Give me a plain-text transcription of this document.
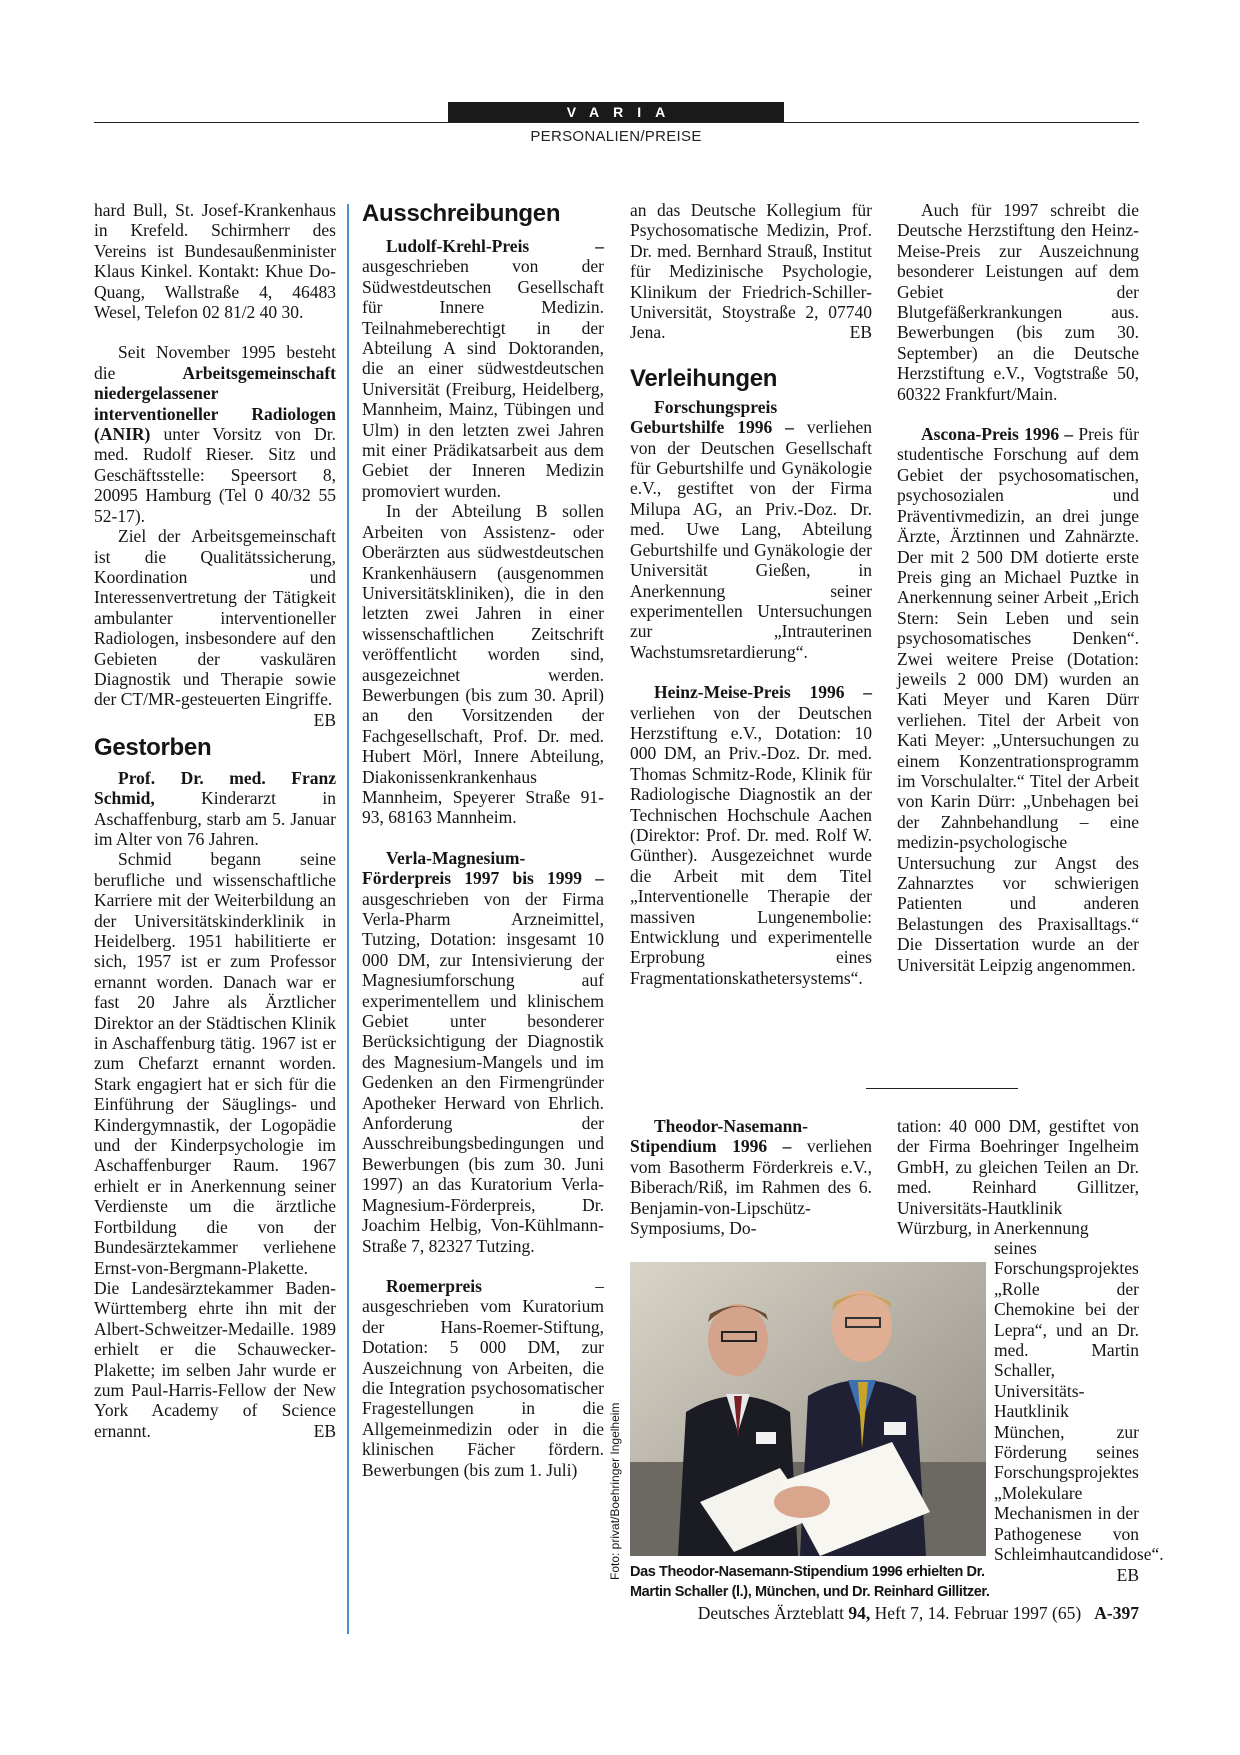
VARIA
PERSONALIEN/PREISE

hard Bull, St. Josef-Krankenhaus in Krefeld. Schirmherr des Vereins ist Bundesaußenminister Klaus Kinkel. Kontakt: Khue Do-Quang, Wallstraße 4, 46483 Wesel, Telefon 02 81/2 40 30.

Seit November 1995 besteht die Arbeitsgemeinschaft niedergelassener interventioneller Radiologen (ANIR) unter Vorsitz von Dr. med. Rudolf Rieser. Sitz und Geschäftsstelle: Speersort 8, 20095 Hamburg (Tel 0 40/32 55 52-17).

Ziel der Arbeitsgemeinschaft ist die Qualitätssicherung, Koordination und Interessenvertretung der Tätigkeit ambulanter interventioneller Radiologen, insbesondere auf den Gebieten der vaskulären Diagnostik und Therapie sowie der CT/MR-gesteuerten Eingriffe.
EB

Gestorben

Prof. Dr. med. Franz Schmid, Kinderarzt in Aschaffenburg, starb am 5. Januar im Alter von 76 Jahren.

Schmid begann seine berufliche und wissenschaftliche Karriere mit der Weiterbildung an der Universitätskinderklinik in Heidelberg. 1951 habilitierte er sich, 1957 ist er zum Professor ernannt worden. Danach war er fast 20 Jahre als Ärztlicher Direktor an der Städtischen Klinik in Aschaffenburg tätig. 1967 ist er zum Chefarzt ernannt worden. Stark engagiert hat er sich für die Einführung der Säuglings- und Kindergymnastik, der Logopädie und der Kinderpsychologie im Aschaffenburger Raum. 1967 erhielt er in Anerkennung seiner Verdienste um die ärztliche Fortbildung die von der Bundesärztekammer verliehene Ernst-von-Bergmann-Plakette. Die Landesärztekammer Baden-Württemberg ehrte ihn mit der Albert-Schweitzer-Medaille. 1989 erhielt er die Schauwecker-Plakette; im selben Jahr wurde er zum Paul-Harris-Fellow der New York Academy of Science ernannt.	EB

Ausschreibungen

Ludolf-Krehl-Preis – ausgeschrieben von der Südwestdeutschen Gesellschaft für Innere Medizin. Teilnahmeberechtigt in der Abteilung A sind Doktoranden, die an einer südwestdeutschen Universität (Freiburg, Heidelberg, Mannheim, Mainz, Tübingen und Ulm) in den letzten zwei Jahren mit einer Prädikatsarbeit aus dem Gebiet der Inneren Medizin promoviert wurden.

In der Abteilung B sollen Arbeiten von Assistenz- oder Oberärzten aus südwestdeutschen Krankenhäusern (ausgenommen Universitätskliniken), die in den letzten zwei Jahren in einer wissenschaftlichen Zeitschrift veröffentlicht worden sind, ausgezeichnet werden. Bewerbungen (bis zum 30. April) an den Vorsitzenden der Fachgesellschaft, Prof. Dr. med. Hubert Mörl, Innere Abteilung, Diakonissenkrankenhaus Mannheim, Speyerer Straße 91-93, 68163 Mannheim.

Verla-Magnesium-Förderpreis 1997 bis 1999 – ausgeschrieben von der Firma Verla-Pharm Arzneimittel, Tutzing, Dotation: insgesamt 10 000 DM, zur Intensivierung der Magnesiumforschung auf experimentellem und klinischem Gebiet unter besonderer Berücksichtigung der Diagnostik des Magnesium-Mangels und im Gedenken an den Firmengründer Apotheker Herward von Ehrlich. Anforderung der Ausschreibungsbedingungen und Bewerbungen (bis zum 30. Juni 1997) an das Kuratorium Verla-Magnesium-Förderpreis, Dr. Joachim Helbig, Von-Kühlmann-Straße 7, 82327 Tutzing.

Roemerpreis – ausgeschrieben vom Kuratorium der Hans-Roemer-Stiftung, Dotation: 5 000 DM, zur Auszeichnung von Arbeiten, die die Integration psychosomatischer Fragestellungen in die Allgemeinmedizin oder in die klinischen Fächer fördern. Bewerbungen (bis zum 1. Juli)

an das Deutsche Kollegium für Psychosomatische Medizin, Prof. Dr. med. Bernhard Strauß, Institut für Medizinische Psychologie, Klinikum der Friedrich-Schiller-Universität, Stoystraße 2, 07740 Jena.	EB

Verleihungen

Forschungspreis Geburtshilfe 1996 – verliehen von der Deutschen Gesellschaft für Geburtshilfe und Gynäkologie e.V., gestiftet von der Firma Milupa AG, an Priv.-Doz. Dr. med. Uwe Lang, Abteilung Geburtshilfe und Gynäkologie der Universität Gießen, in Anerkennung seiner experimentellen Untersuchungen zur „Intrauterinen Wachstumsretardierung“.

Heinz-Meise-Preis 1996 – verliehen von der Deutschen Herzstiftung e.V., Dotation: 10 000 DM, an Priv.-Doz. Dr. med. Thomas Schmitz-Rode, Klinik für Radiologische Diagnostik an der Technischen Hochschule Aachen (Direktor: Prof. Dr. med. Rolf W. Günther). Ausgezeichnet wurde die Arbeit mit dem Titel „Interventionelle Therapie der massiven Lungenembolie: Entwicklung und experimentelle Erprobung eines Fragmentationskathetersystems“.

Auch für 1997 schreibt die Deutsche Herzstiftung den Heinz-Meise-Preis zur Auszeichnung besonderer Leistungen auf dem Gebiet der Blutgefäßerkrankungen aus. Bewerbungen (bis zum 30. September) an die Deutsche Herzstiftung e.V., Vogtstraße 50, 60322 Frankfurt/Main.

Ascona-Preis 1996 – Preis für studentische Forschung auf dem Gebiet der psychosomatischen, psychosozialen und Präventivmedizin, an drei junge Ärzte, Ärztinnen und Zahnärzte. Der mit 2 500 DM dotierte erste Preis ging an Michael Puztke in Anerkennung seiner Arbeit „Erich Stern: Sein Leben und sein psychosomatisches Denken“. Zwei weitere Preise (Dotation: jeweils 2 000 DM) wurden an Kati Meyer und Karen Dürr verliehen. Titel der Arbeit von Kati Meyer: „Untersuchungen zu einem Konzentrationsprogramm im Vorschulalter.“ Titel der Arbeit von Karin Dürr: „Unbehagen bei der Zahnbehandlung – eine medizin-psychologische Untersuchung zur Angst des Zahnarztes vor schwierigen Patienten und anderen Belastungen des Praxisalltags.“ Die Dissertation wurde an der Universität Leipzig angenommen.

Theodor-Nasemann-Stipendium 1996 – verliehen vom Basotherm Förderkreis e.V., Biberach/Riß, im Rahmen des 6. Benjamin-von-Lipschütz-Symposiums, Do-

tation: 40 000 DM, gestiftet von der Firma Boehringer Ingelheim GmbH, zu gleichen Teilen an Dr. med. Reinhard Gillitzer, Universitäts-Hautklinik Würzburg, in Anerkennung

seines Forschungsprojektes „Rolle der Chemokine bei der Lepra“, und an Dr. med. Martin Schaller, Universitäts-Hautklinik München, zur Förderung seines Forschungsprojektes „Molekulare Mechanismen in der Pathogenese von Schleimhautcandidose“.
EB

Foto: privat/Boehringer Ingelheim Das Theodor-Nasemann-Stipendium 1996 erhielten Dr. Martin Schaller (l.), München, und Dr. Reinhard Gillitzer.
Deutsches Ärzteblatt 94, Heft 7, 14. Februar 1997 (65) A-397
